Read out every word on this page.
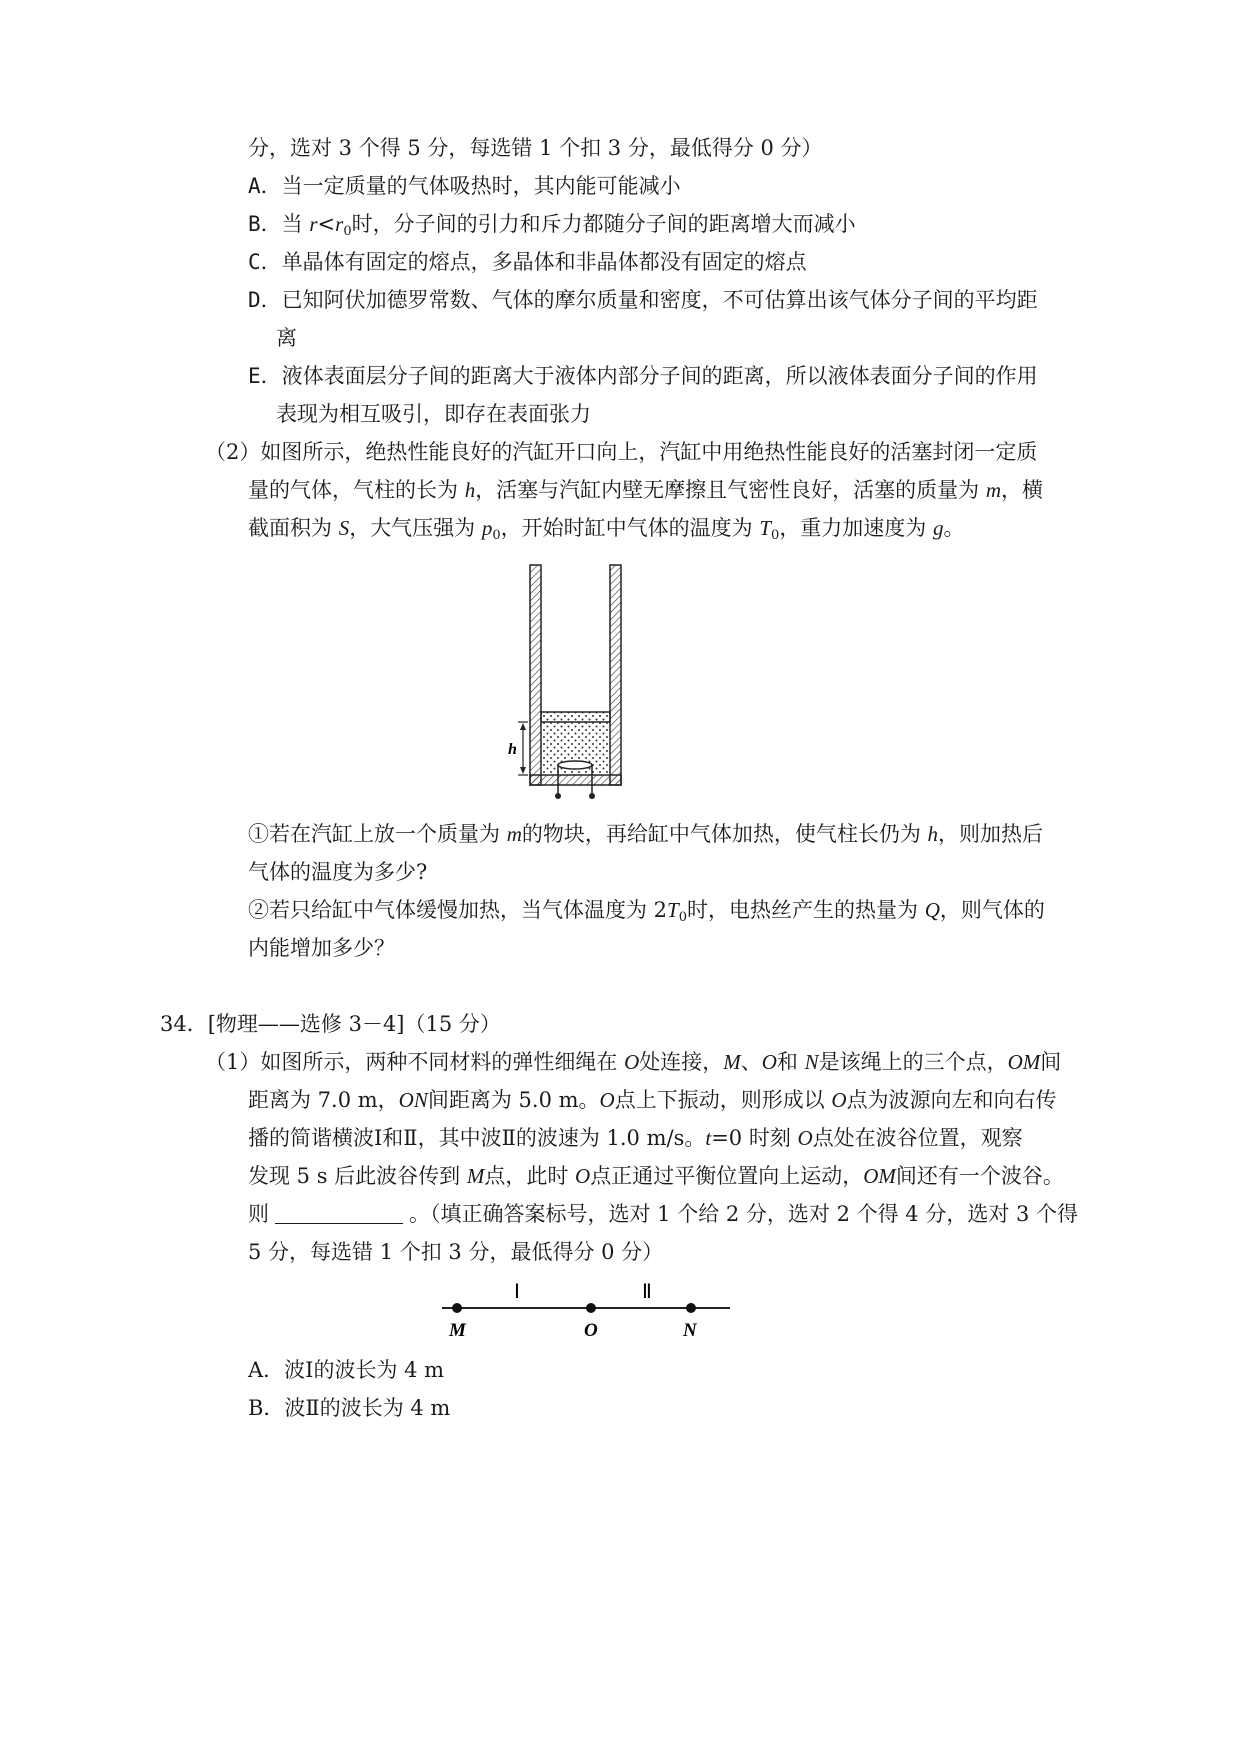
分，选对 3 个得 5 分，每选错 1 个扣 3 分，最低得分 0 分）
A．当一定质量的气体吸热时，其内能可能减小
B．当 $r<r_0$时，分子间的引力和斥力都随分子间的距离增大而减小
C．单晶体有固定的熔点，多晶体和非晶体都没有固定的熔点
D．已知阿伏加德罗常数、气体的摩尔质量和密度，不可估算出该气体分子间的平均距
离
E．液体表面层分子间的距离大于液体内部分子间的距离，所以液体表面分子间的作用
表现为相互吸引，即存在表面张力
（2）如图所示，绝热性能良好的汽缸开口向上，汽缸中用绝热性能良好的活塞封闭一定质
量的气体，气柱的长为 h，活塞与汽缸内壁无摩擦且气密性良好，活塞的质量为 m，横
截面积为 S，大气压强为 $p_0$，开始时缸中气体的温度为 $T_0$，重力加速度为 g。
h
①若在汽缸上放一个质量为 m的物块，再给缸中气体加热，使气柱长仍为 h，则加热后
气体的温度为多少?
②若只给缸中气体缓慢加热，当气体温度为 $2T_0$时，电热丝产生的热量为 Q，则气体的
内能增加多少？
34．[物理——选修 3－4]（15 分）
（1）如图所示，两种不同材料的弹性细绳在 O处连接，M、O和 N是该绳上的三个点，OM间
距离为 7.0 m，ON间距离为 5.0 m。O点上下振动，则形成以 O点为波源向左和向右传
播的简谐横波Ⅰ和Ⅱ，其中波Ⅱ的波速为 1.0 m/s。t=0 时刻 O点处在波谷位置，观察
发现 5 s 后此波谷传到 M点，此时 O点正通过平衡位置向上运动，OM间还有一个波谷。
则	。（填正确答案标号，选对 1 个给 2 分，选对 2 个得 4 分，选对 3 个得
5 分，每选错 1 个扣 3 分，最低得分 0 分）
Ⅰ	Ⅱ
M	O	N
A．波Ⅰ的波长为 4 m
B．波Ⅱ的波长为 4 m
